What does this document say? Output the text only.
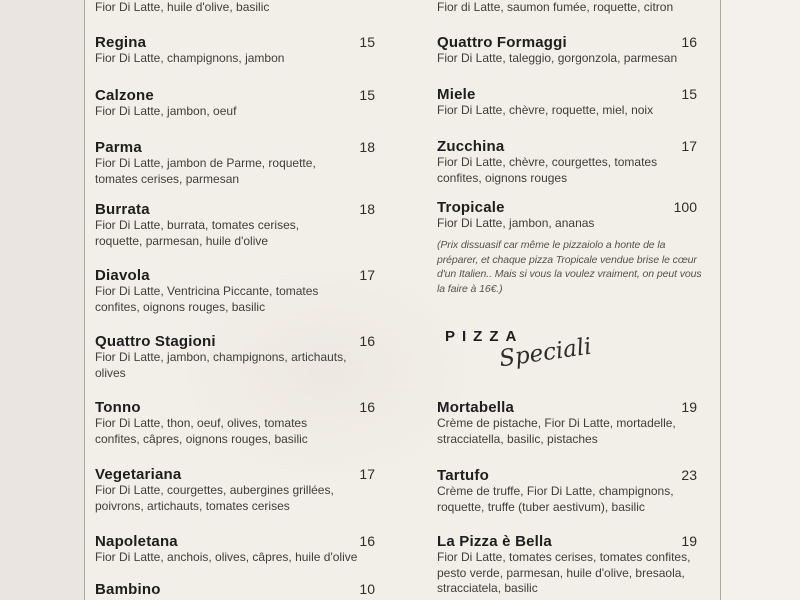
Fior Di Latte, huile d'olive, basilic
Regina	15
Fior Di Latte, champignons, jambon
Calzone	15
Fior Di Latte, jambon, oeuf
Parma	18
Fior Di Latte, jambon de Parme, roquette, tomates cerises, parmesan
Burrata	18
Fior Di Latte, burrata, tomates cerises, roquette, parmesan, huile d'olive
Diavola	17
Fior Di Latte, Ventricina Piccante, tomates confites, oignons rouges, basilic
Quattro Stagioni	16
Fior Di Latte, jambon, champignons, artichauts, olives
Tonno	16
Fior Di Latte, thon, oeuf, olives, tomates confites, câpres, oignons rouges, basilic
Vegetariana	17
Fior Di Latte, courgettes, aubergines grillées, poivrons, artichauts, tomates cerises
Napoletana	16
Fior Di Latte, anchois, olives, câpres, huile d'olive
Bambino	10
Fior di Latte, saumon fumée, roquette, citron
Quattro Formaggi	16
Fior Di Latte, taleggio, gorgonzola, parmesan
Miele	15
Fior Di Latte, chèvre, roquette, miel, noix
Zucchina	17
Fior Di Latte, chèvre, courgettes, tomates confites, oignons rouges
Tropicale	100
Fior Di Latte, jambon, ananas
(Prix dissuasif car même le pizzaiolo a honte de la préparer, et chaque pizza Tropicale vendue brise le cœur d'un Italien.. Mais si vous la voulez vraiment, on peut vous la faire à 16€.)
PIZZA
Speciali
Mortabella	19
Crème de pistache, Fior Di Latte, mortadelle, stracciatella, basilic, pistaches
Tartufo	23
Crème de truffe, Fior Di Latte, champignons, roquette, truffe (tuber aestivum), basilic
La Pizza è Bella	19
Fior Di Latte, tomates cerises, tomates confites, pesto verde, parmesan, huile d'olive, bresaola, stracciatela, basilic
